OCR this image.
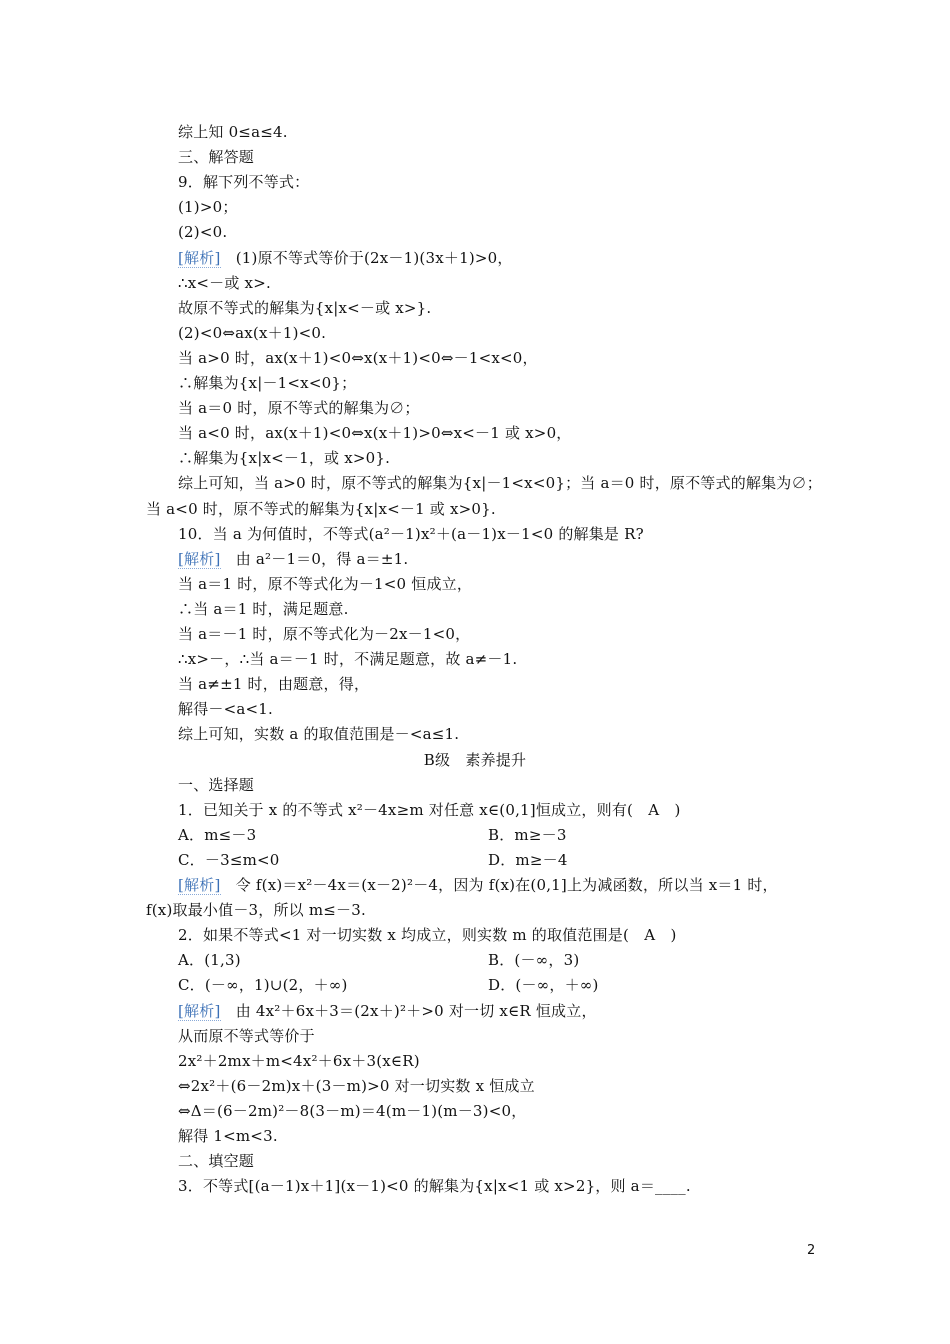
综上知 0≤a≤4.
三、解答题
9．解下列不等式：
(1)>0；
(2)<0.
[解析]　(1)原不等式等价于(2x－1)(3x＋1)>0，
∴x<－或 x>.
故原不等式的解集为{x|x<－或 x>}.
(2)<0⇔ax(x＋1)<0.
当 a>0 时，ax(x＋1)<0⇔x(x＋1)<0⇔－1<x<0，
∴解集为{x|－1<x<0}；
当 a＝0 时，原不等式的解集为∅；
当 a<0 时，ax(x＋1)<0⇔x(x＋1)>0⇔x<－1 或 x>0，
∴解集为{x|x<－1，或 x>0}.
综上可知，当 a>0 时，原不等式的解集为{x|－1<x<0}；当 a＝0 时，原不等式的解集为∅；
当 a<0 时，原不等式的解集为{x|x<－1 或 x>0}.
10．当 a 为何值时，不等式(a²－1)x²＋(a－1)x－1<0 的解集是 R?
[解析]　由 a²－1＝0，得 a＝±1.
当 a＝1 时，原不等式化为－1<0 恒成立，
∴当 a＝1 时，满足题意.
当 a＝－1 时，原不等式化为－2x－1<0，
∴x>－，∴当 a＝－1 时，不满足题意，故 a≠－1.
当 a≠±1 时，由题意，得，
解得－<a<1.
综上可知，实数 a 的取值范围是－<a≤1.
B级　素养提升
一、选择题
1．已知关于 x 的不等式 x²－4x≥m 对任意 x∈(0,1]恒成立，则有(　A　)
A．m≤－3	B．m≥－3
C．－3≤m<0	D．m≥－4
[解析]　令 f(x)＝x²－4x＝(x－2)²－4，因为 f(x)在(0,1]上为减函数，所以当 x＝1 时，
f(x)取最小值－3，所以 m≤－3.
2．如果不等式<1 对一切实数 x 均成立，则实数 m 的取值范围是(　A　)
A．(1,3)	B．(－∞，3)
C．(－∞，1)∪(2，＋∞)	D．(－∞，＋∞)
[解析]　由 4x²＋6x＋3＝(2x＋)²＋>0 对一切 x∈R 恒成立，
从而原不等式等价于
2x²＋2mx＋m<4x²＋6x＋3(x∈R)
⇔2x²＋(6－2m)x＋(3－m)>0 对一切实数 x 恒成立
⇔Δ＝(6－2m)²－8(3－m)＝4(m－1)(m－3)<0，
解得 1<m<3.
二、填空题
3．不等式[(a－1)x＋1](x－1)<0 的解集为{x|x<1 或 x>2}，则 a＝____.
2
